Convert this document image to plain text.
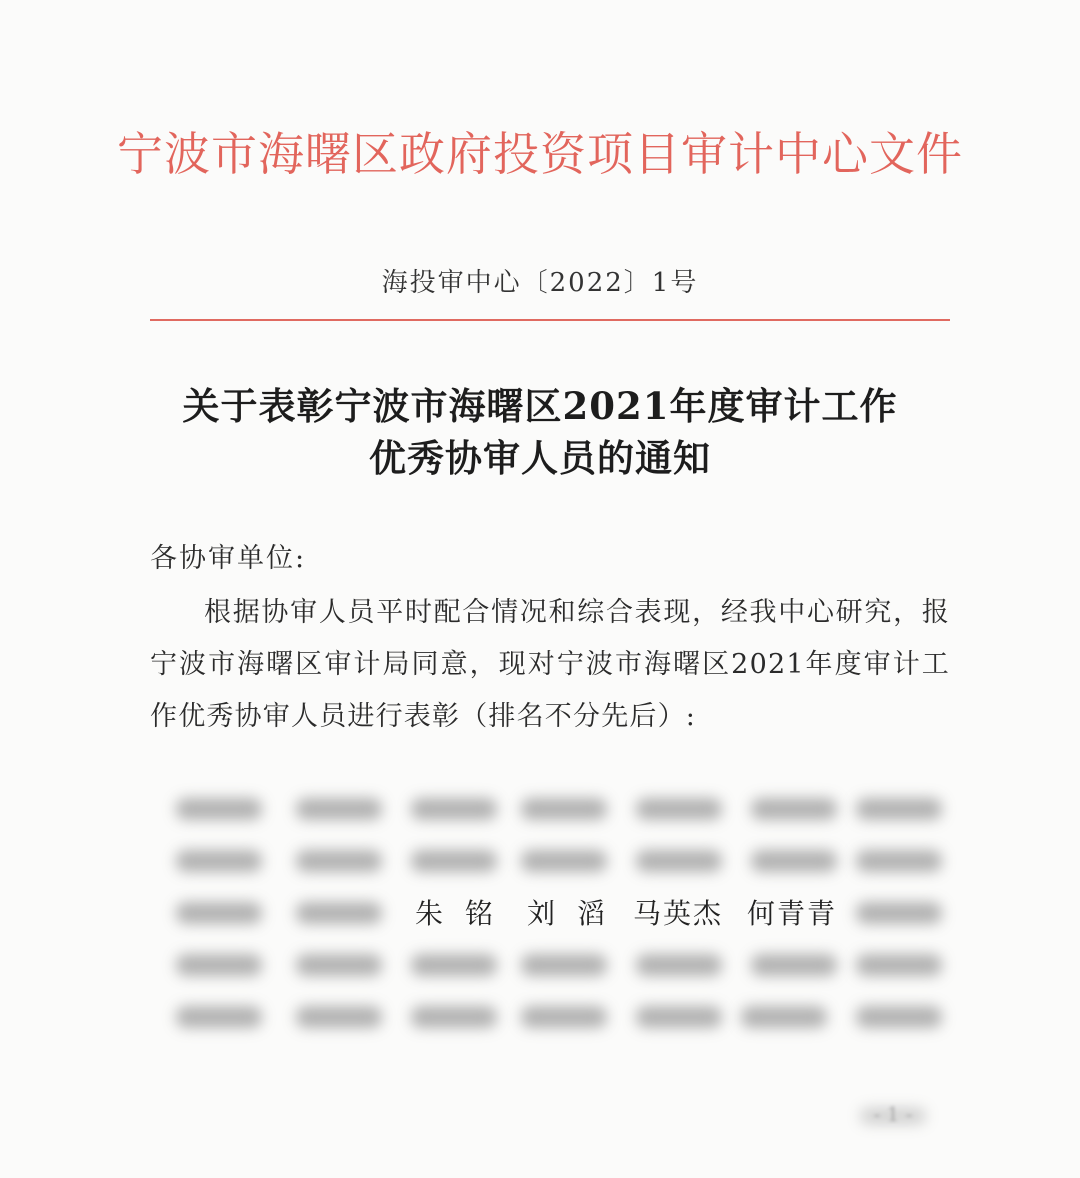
宁波市海曙区政府投资项目审计中心文件
海投审中心〔2022〕1号
关于表彰宁波市海曙区2021年度审计工作
优秀协审人员的通知
各协审单位:
根据协审人员平时配合情况和综合表现，经我中心研究，报宁波市海曙区审计局同意，现对宁波市海曙区2021年度审计工作优秀协审人员进行表彰（排名不分先后）:
朱铭 刘滔 马英杰 何青青
- 1 -
